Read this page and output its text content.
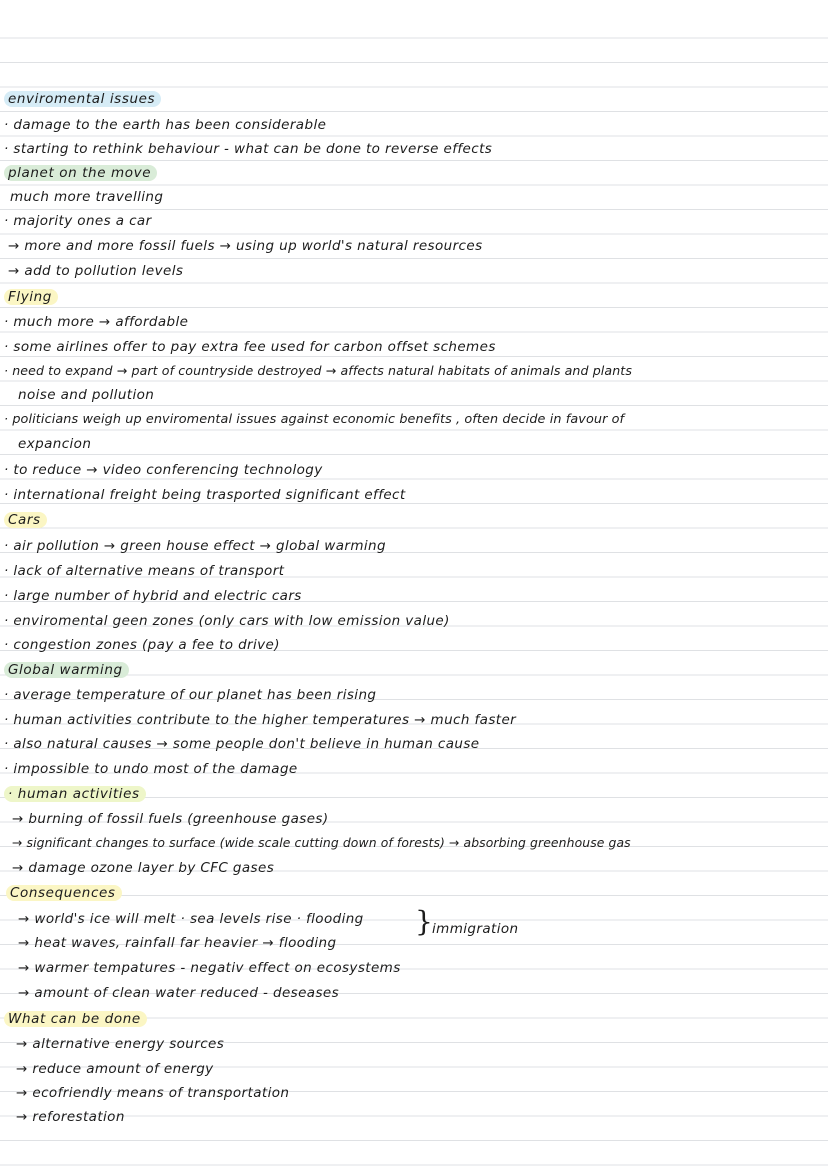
enviromental issues
· damage to the earth has been considerable
· starting to rethink behaviour - what can be done to reverse effects
planet on the move
much more travelling
· majority ones a car
→ more and more fossil fuels → using up world's natural resources
→ add to pollution levels
Flying
· much more → affordable
· some airlines offer to pay extra fee used for carbon offset schemes
· need to expand → part of countryside destroyed → affects natural habitats of animals and plants
noise and pollution
· politicians weigh up enviromental issues against economic benefits , often decide in favour of
expancion
· to reduce → video conferencing technology
· international freight being trasported significant effect
Cars
· air pollution → green house effect → global warming
· lack of alternative means of transport
· large number of hybrid and electric cars
· enviromental geen zones (only cars with low emission value)
· congestion zones (pay a fee to drive)
Global warming
· average temperature of our planet has been rising
· human activities contribute to the higher temperatures → much faster
· also natural causes → some people don't believe in human cause
· impossible to undo most of the damage
· human activities
→ burning of fossil fuels (greenhouse gases)
→ significant changes to surface (wide scale cutting down of forests) → absorbing greenhouse gas
→ damage ozone layer by CFC gases
Consequences
→ world's ice will melt · sea levels rise · flooding
→ heat waves, rainfall far heavier → flooding
} immigration
→ warmer tempatures - negativ effect on ecosystems
→ amount of clean water reduced - deseases
What can be done
→ alternative energy sources
→ reduce amount of energy
→ ecofriendly means of transportation
→ reforestation
